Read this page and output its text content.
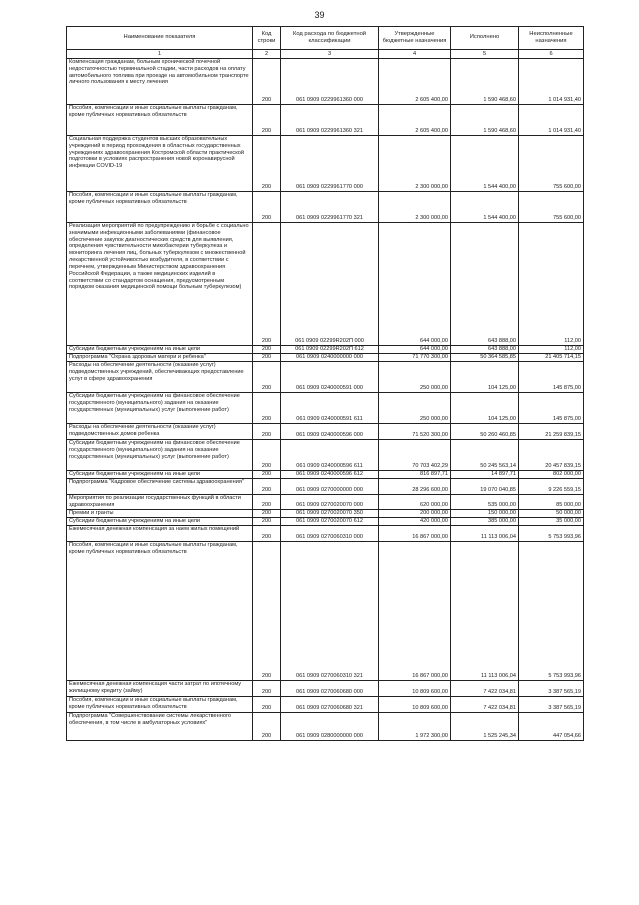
39
Наименование показателя	Код строки	Код расхода по бюджетной классификации	Утвержденные бюджетные назначения	Исполнено	Неисполненные назначения
1	2	3	4	5	6
Компенсация гражданам, больным хронической почечной недостаточностью терминальной стадии, части расходов на оплату автомобильного топлива при проезде на автомобильном транспорте личного пользования к месту лечения	200	061 0909 0229961360 000	2 605 400,00	1 590 468,60	1 014 931,40
Пособия, компенсации и иные социальные выплаты гражданам, кроме публичных нормативных обязательств	200	061 0909 0229961360 321	2 605 400,00	1 590 468,60	1 014 931,40
Социальная поддержка студентов высших образовательных учреждений в период прохождения в областных государственных учреждениях здравоохранения Костромской области практической подготовки в условиях распространения новой коронавирусной инфекции COVID-19	200	061 0909 0229961770 000	2 300 000,00	1 544 400,00	755 600,00
Пособия, компенсации и иные социальные выплаты гражданам, кроме публичных нормативных обязательств	200	061 0909 0229961770 321	2 300 000,00	1 544 400,00	755 600,00
Реализация мероприятий по предупреждению и борьбе с социально значимыми инфекционными заболеваниями (финансовое обеспечение закупок диагностических средств для выявления, определения чувствительности микобактерии туберкулеза и мониторинга лечения лиц, больных туберкулезом с множественной лекарственной устойчивостью возбудителя, в соответствии с перечнем, утвержденным Министерством здравоохранения Российской Федерации, а также медицинских изделий в соответствии со стандартом оснащения, предусмотренным порядком оказания медицинской помощи больным туберкулезом)	200	061 0909 02299R202П 000	644 000,00	643 888,00	112,00
Субсидии бюджетным учреждениям на иные цели	200	061 0909 02299R202П 612	644 000,00	643 888,00	112,00
Подпрограмма "Охрана здоровья матери и ребенка"	200	061 0909 0240000000 000	71 770 300,00	50 364 585,85	21 405 714,15
Расходы на обеспечение деятельности (оказание услуг) подведомственных учреждений, обеспечивающих предоставление услуг в сфере здравоохранения	200	061 0909 0240000591 000	250 000,00	104 125,00	145 875,00
Субсидии бюджетным учреждениям на финансовое обеспечение государственного (муниципального) задания на оказание государственных (муниципальных) услуг (выполнение работ)	200	061 0909 0240000591 611	250 000,00	104 125,00	145 875,00
Расходы на обеспечение деятельности (оказание услуг) подведомственных домов ребенка	200	061 0909 0240000596 000	71 520 300,00	50 260 460,85	21 259 839,15
Субсидии бюджетным учреждениям на финансовое обеспечение государственного (муниципального) задания на оказание государственных (муниципальных) услуг (выполнение работ)	200	061 0909 0240000596 611	70 703 402,29	50 245 563,14	20 457 839,15
Субсидии бюджетным учреждениям на иные цели	200	061 0909 0240000596 612	816 897,71	14 897,71	802 000,00
Подпрограмма "Кадровое обеспечение системы здравоохранения"	200	061 0909 0270000000 000	28 296 600,00	19 070 040,85	9 226 559,15
Мероприятия по реализации государственных функций в области здравоохранения	200	061 0909 0270020070 000	620 000,00	535 000,00	85 000,00
Премии и гранты	200	061 0909 0270020070 350	200 000,00	150 000,00	50 000,00
Субсидии бюджетным учреждениям на иные цели	200	061 0909 0270020070 612	420 000,00	385 000,00	35 000,00
Ежемесячная денежная компенсация за наем жилых помещений	200	061 0909 0270060310 000	16 867 000,00	11 113 006,04	5 753 993,96
Пособия, компенсации и иные социальные выплаты гражданам, кроме публичных нормативных обязательств	200	061 0909 0270060310 321	16 867 000,00	11 113 006,04	5 753 993,96
Ежемесячная денежная компенсация части затрат по ипотечному жилищному кредиту (займу)	200	061 0909 0270060680 000	10 809 600,00	7 422 034,81	3 387 565,19
Пособия, компенсации и иные социальные выплаты гражданам, кроме публичных нормативных обязательств	200	061 0909 0270060680 321	10 809 600,00	7 422 034,81	3 387 565,19
Подпрограмма "Совершенствование системы лекарственного обеспечения, в том числе в амбулаторных условиях"	200	061 0909 0280000000 000	1 972 300,00	1 525 245,34	447 054,66
